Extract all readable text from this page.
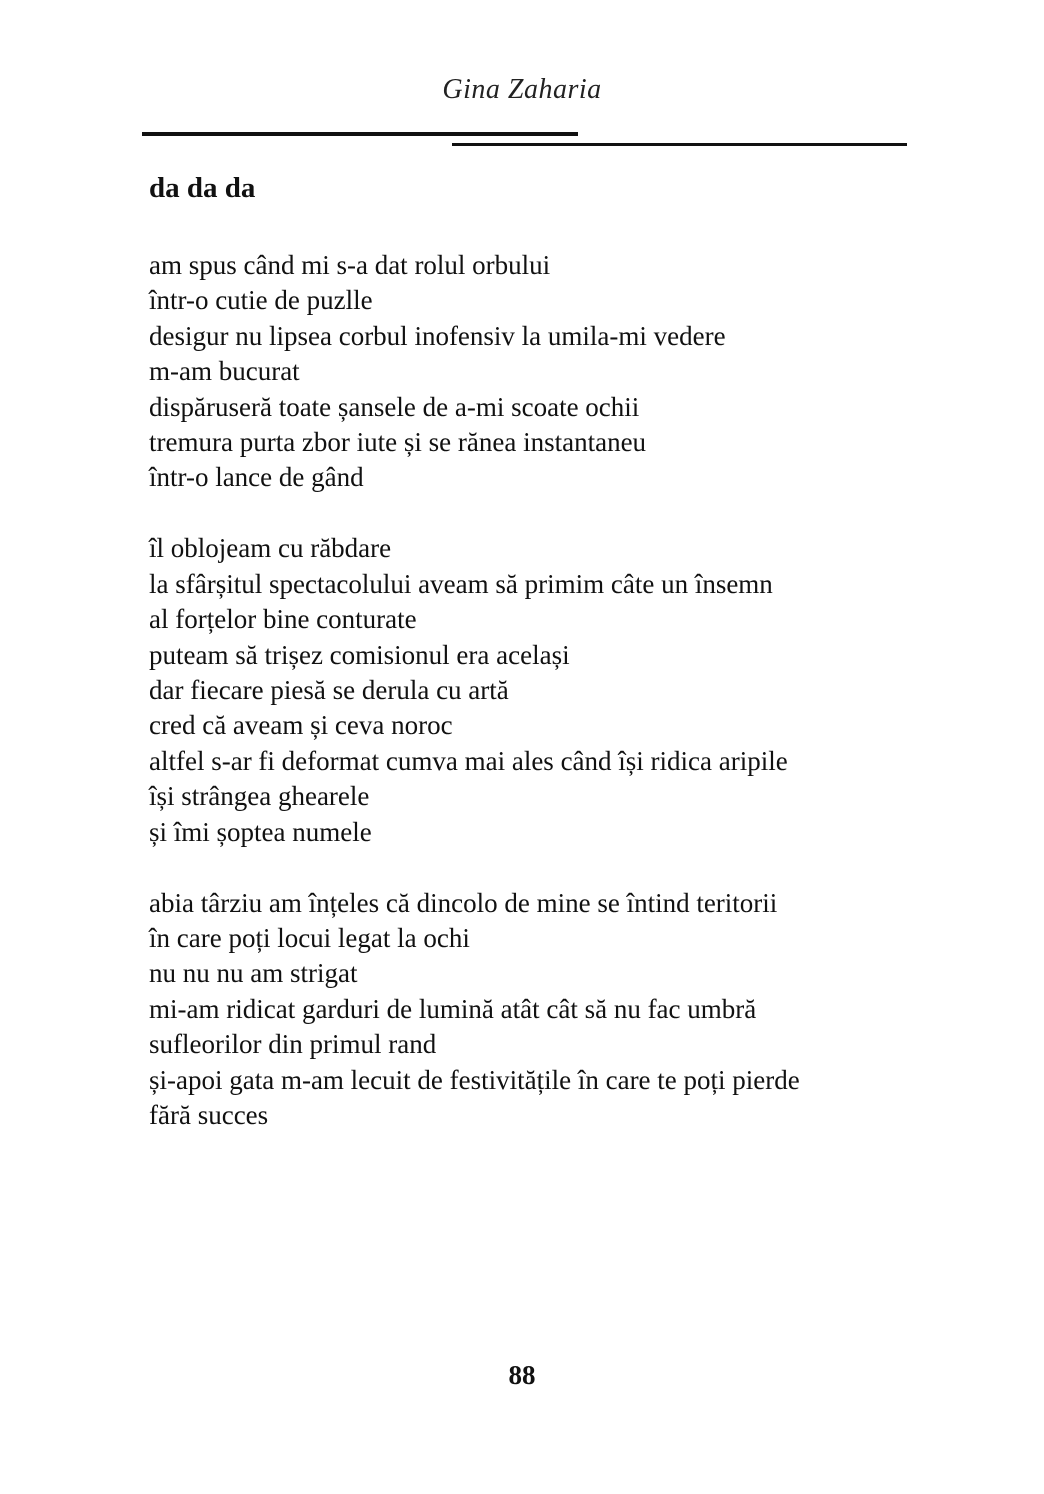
Gina Zaharia
da da da
am spus când mi s-a dat rolul orbului
într-o cutie de puzlle
desigur nu lipsea corbul inofensiv la umila-mi vedere
m-am bucurat
dispăruseră toate șansele de a-mi scoate ochii
tremura purta zbor iute și se rănea instantaneu
într-o lance de gând
îl oblojeam cu răbdare
la sfârșitul spectacolului aveam să primim câte un însemn
al forțelor bine conturate
puteam să trișez comisionul era același
dar fiecare piesă se derula cu artă
cred că aveam și ceva noroc
altfel s-ar fi deformat cumva mai ales când își ridica aripile
își strângea ghearele
și îmi șoptea numele
abia târziu am înțeles că dincolo de mine se întind teritorii
în care poți locui legat la ochi
nu nu nu am strigat
mi-am ridicat garduri de lumină atât cât să nu fac umbră
sufleorilor din primul rand
și-apoi gata m-am lecuit de festivitățile în care te poți pierde
fără succes
88
